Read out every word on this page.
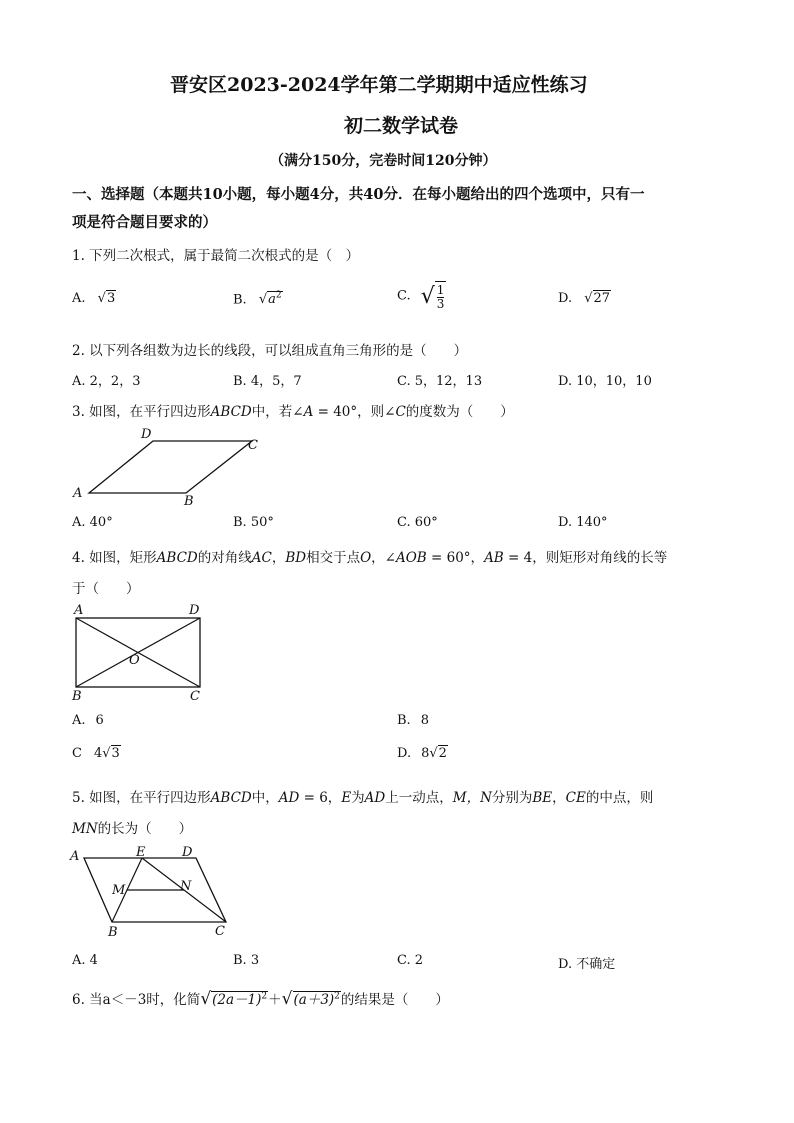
晋安区2023-2024学年第二学期期中适应性练习
初二数学试卷
（满分150分，完卷时间120分钟）
一、选择题（本题共10小题，每小题4分，共40分．在每小题给出的四个选项中，只有一
项是符合题目要求的）
1. 下列二次根式，属于最简二次根式的是（　）
A. √3	B. $√a^2$	C. √ $\frac{1}{3}$	D. √27
2. 以下列各组数为边长的线段，可以组成直角三角形的是（　　）
A. 2，2，3	B. 4，5，7	C. 5，12，13	D. 10，10，10
3. 如图，在平行四边形ABCD中，若∠A = 40°，则∠C的度数为（　　）
A
B
C
D
A. 40°	B. 50°	C. 60°	D. 140°
4. 如图，矩形ABCD的对角线AC，BD相交于点O，∠AOB = 60°，AB = 4，则矩形对角线的长等
于（　　）
A	D
B	C
O
A. 6	B. 8
C 4√3	D. 8√2
5. 如图，在平行四边形ABCD中，AD = 6，E为AD上一动点，M，N分别为BE，CE的中点，则
MN的长为（　　）
A	E	D
M	N
B	C
A. 4	B. 3	C. 2	D. 不确定
6. 当a＜－3时，化简$√(2a-1)^2+√(a+3)^2$的结果是（　　）
